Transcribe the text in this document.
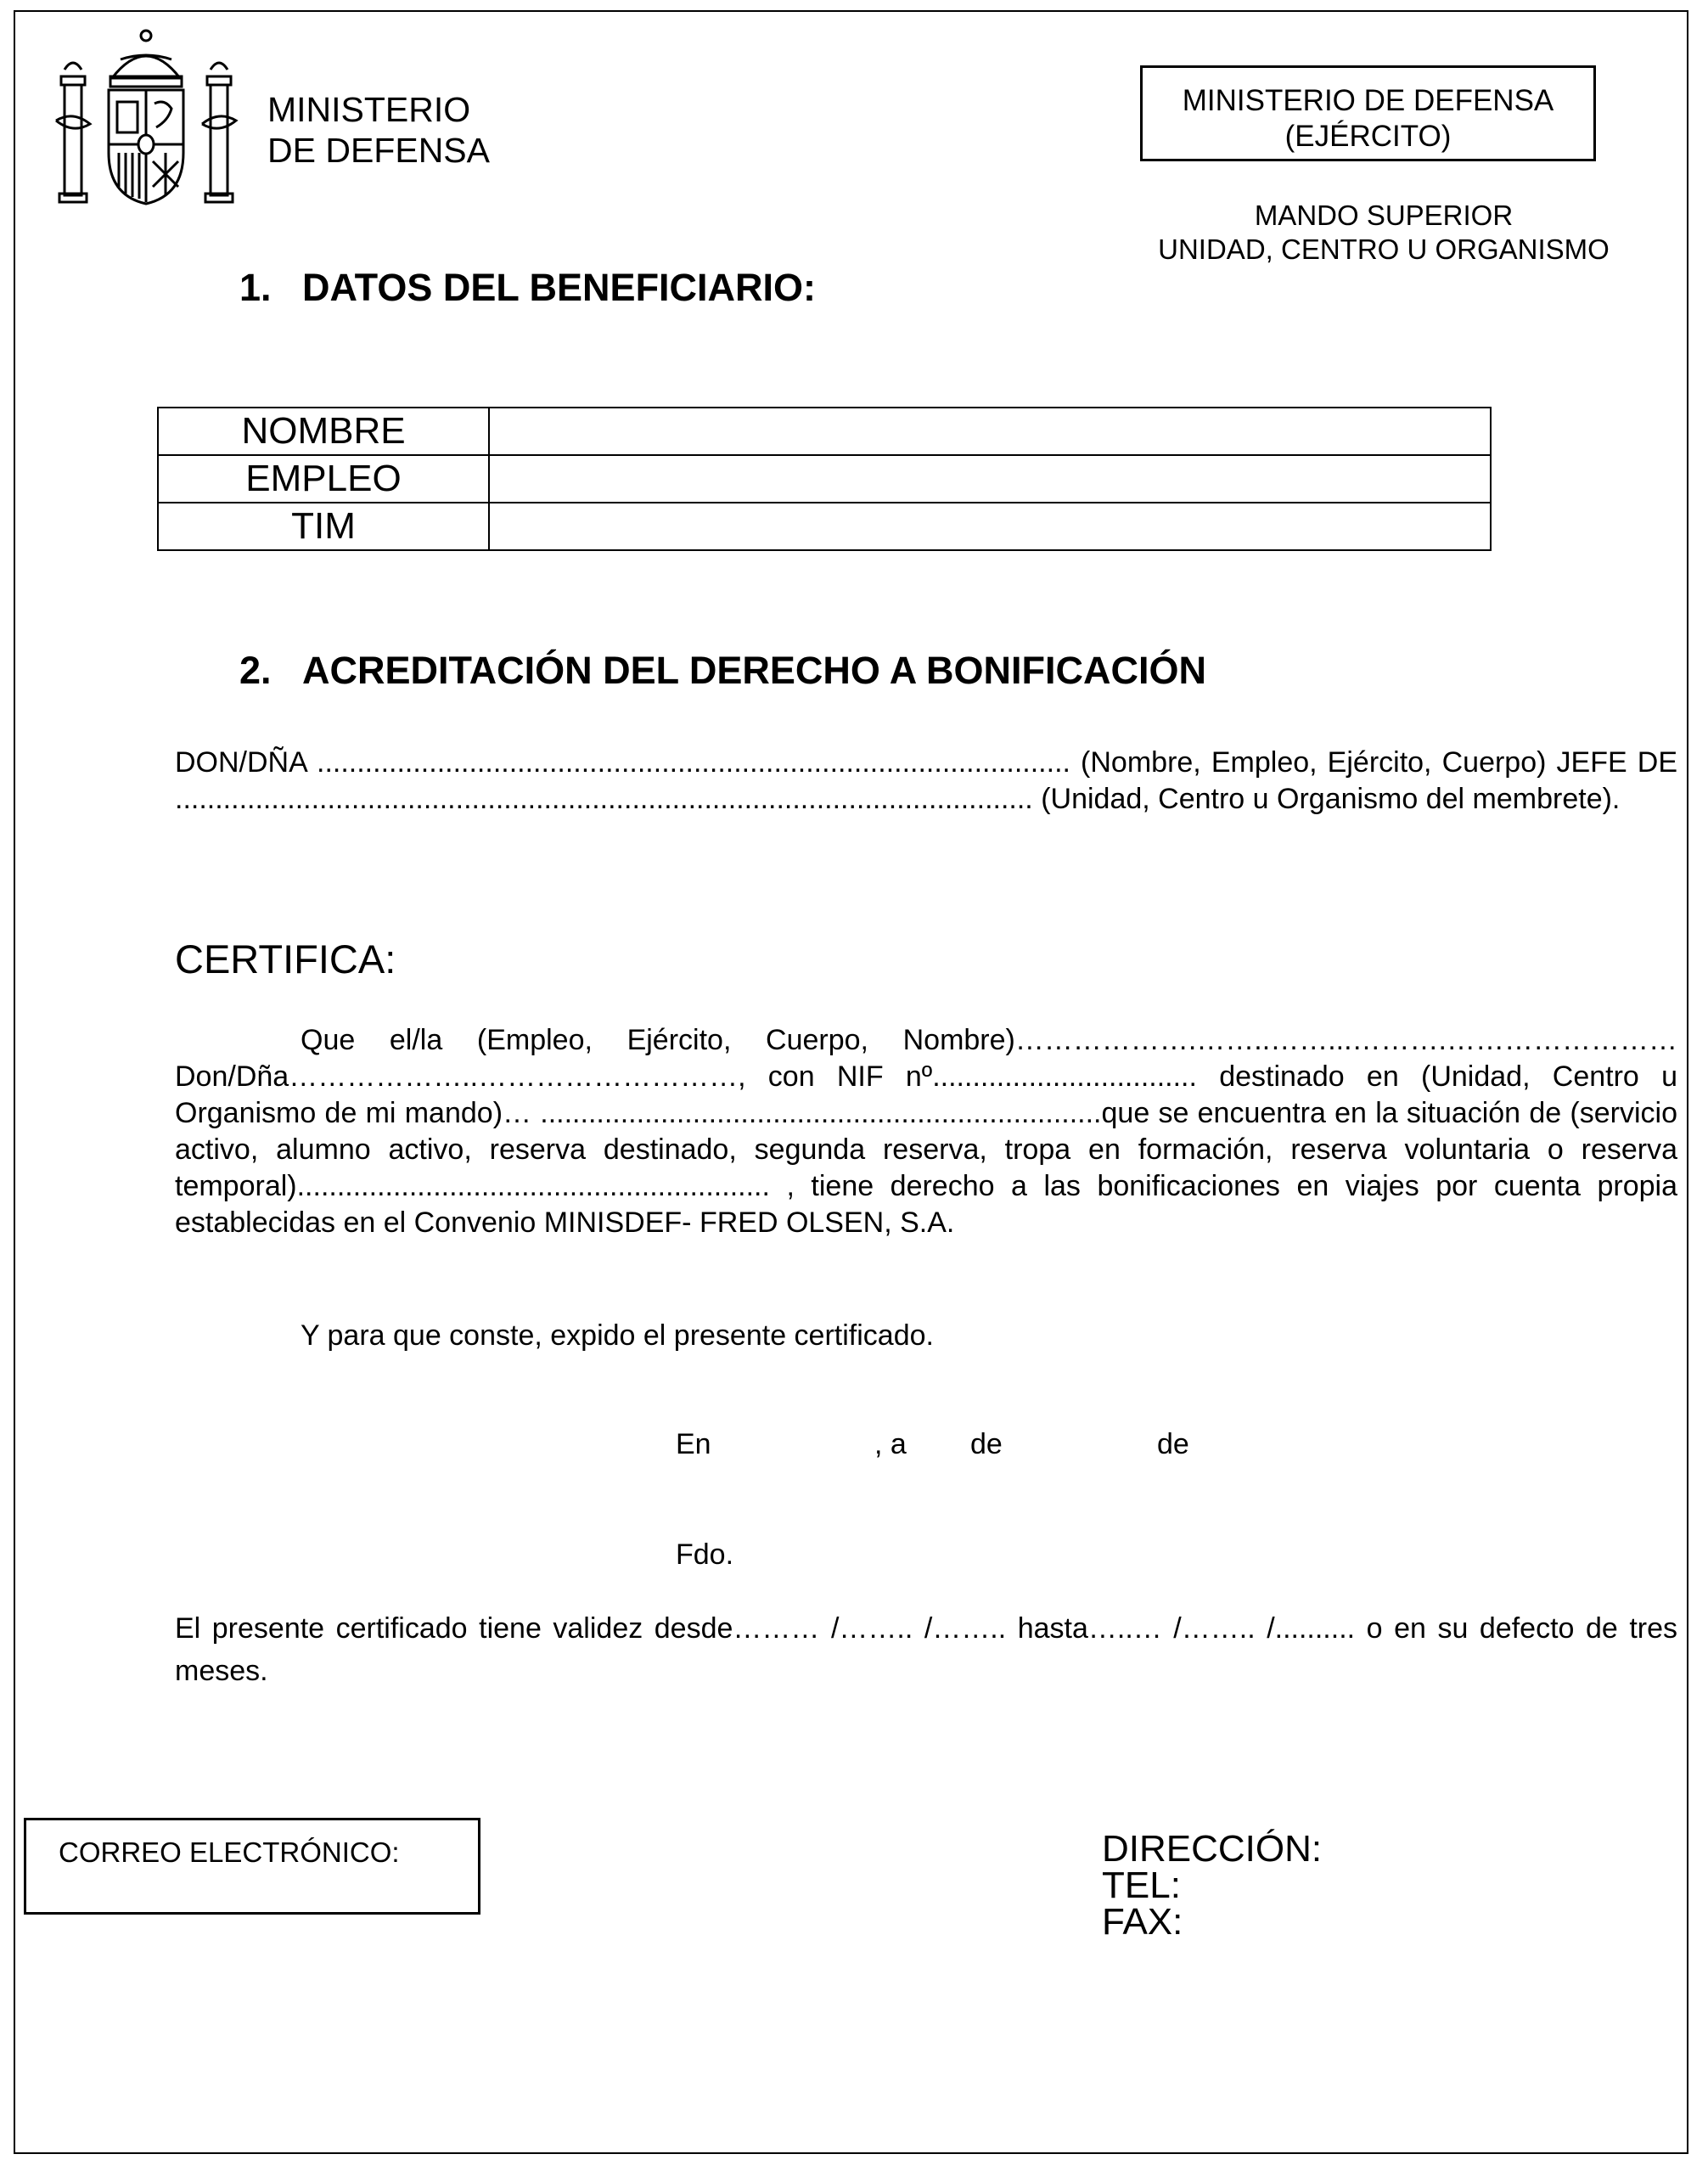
MINISTERIO
DE DEFENSA
MINISTERIO DE DEFENSA
(EJÉRCITO)
MANDO SUPERIOR
UNIDAD, CENTRO U ORGANISMO
1. DATOS DEL BENEFICIARIO:
NOMBRE	
EMPLEO	
TIM	
2. ACREDITACIÓN DEL DERECHO A BONIFICACIÓN
DON/DÑA .............................................................................................. (Nombre, Empleo, Ejército, Cuerpo) JEFE DE ........................................................................................................... (Unidad, Centro u Organismo del membrete).
CERTIFICA:
Que el/la (Empleo, Ejército, Cuerpo, Nombre)……………….……..……...……….……………………Don/Dña………………..………………………, con NIF nº................................. destinado en (Unidad, Centro u Organismo de mi mando)… ......................................................................que se encuentra en la situación de (servicio activo, alumno activo, reserva destinado, segunda reserva, tropa en formación, reserva voluntaria o reserva temporal)........................................................... , tiene derecho a las bonificaciones en viajes por cuenta propia establecidas en el Convenio MINISDEF- FRED OLSEN, S.A.
Y para que conste, expido el presente certificado.
En	, a de	de
Fdo.
El presente certificado tiene validez desde……… /…….. /…….. hasta…..… /…….. /.......... o en su defecto de tres meses.
CORREO ELECTRÓNICO:	DIRECCIÓN:
TEL:
FAX:
